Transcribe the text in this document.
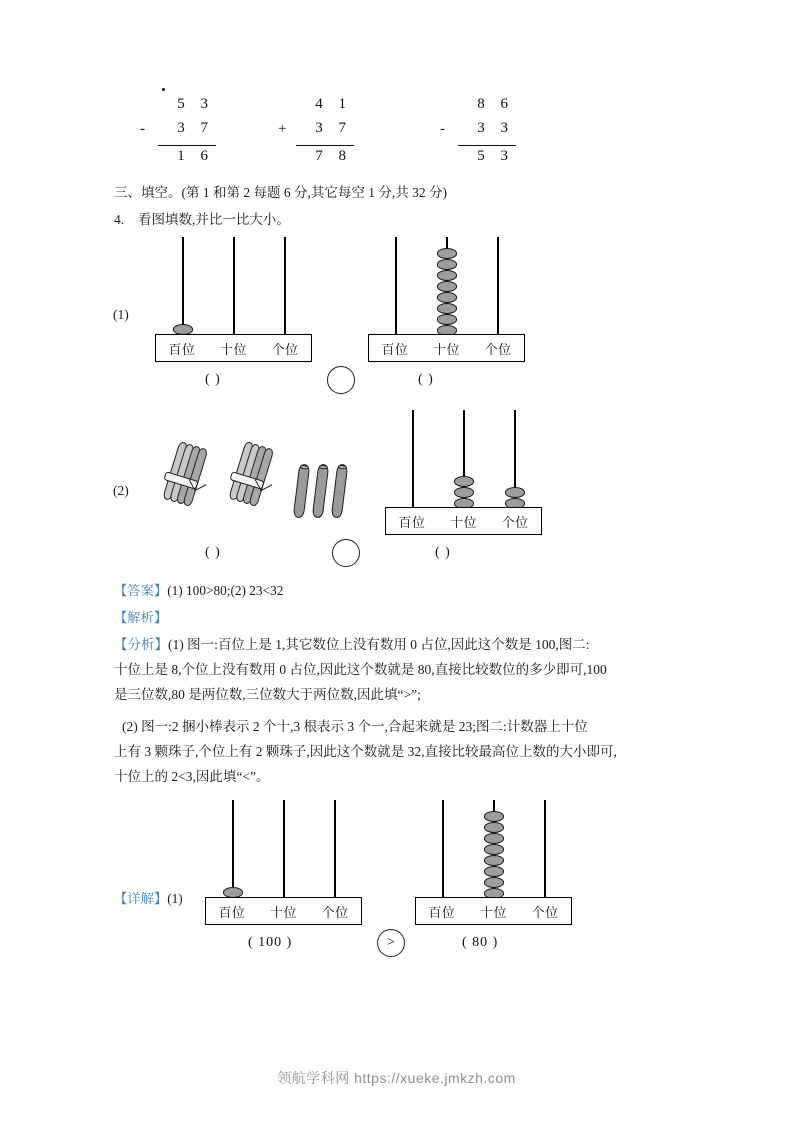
5 3
- 3 7
1 6
4 1
+ 3 7
7 8
8 6
- 3 3
5 3
三、填空。(第 1 和第 2 每题 6 分,其它每空 1 分,共 32 分)
4. 看图填数,并比一比大小。
(1)
百位 十位 个位
( )
百位 十位 个位
( )
(2)
( )
百位 十位 个位
( )
【答案】(1) 100>80;(2) 23<32
【解析】
【分析】(1) 图一:百位上是 1,其它数位上没有数用 0 占位,因此这个数是 100,图二:
十位上是 8,个位上没有数用 0 占位,因此这个数就是 80,直接比较数位的多少即可,100
是三位数,80 是两位数,三位数大于两位数,因此填“>”;
(2) 图一:2 捆小棒表示 2 个十,3 根表示 3 个一,合起来就是 23;图二:计数器上十位
上有 3 颗珠子,个位上有 2 颗珠子,因此这个数就是 32,直接比较最高位上数的大小即可,
十位上的 2<3,因此填“<”。
【详解】(1)
百位 十位 个位
( 100 )	>
百位 十位 个位
( 80 )
领航学科网 https://xueke.jmkzh.com
